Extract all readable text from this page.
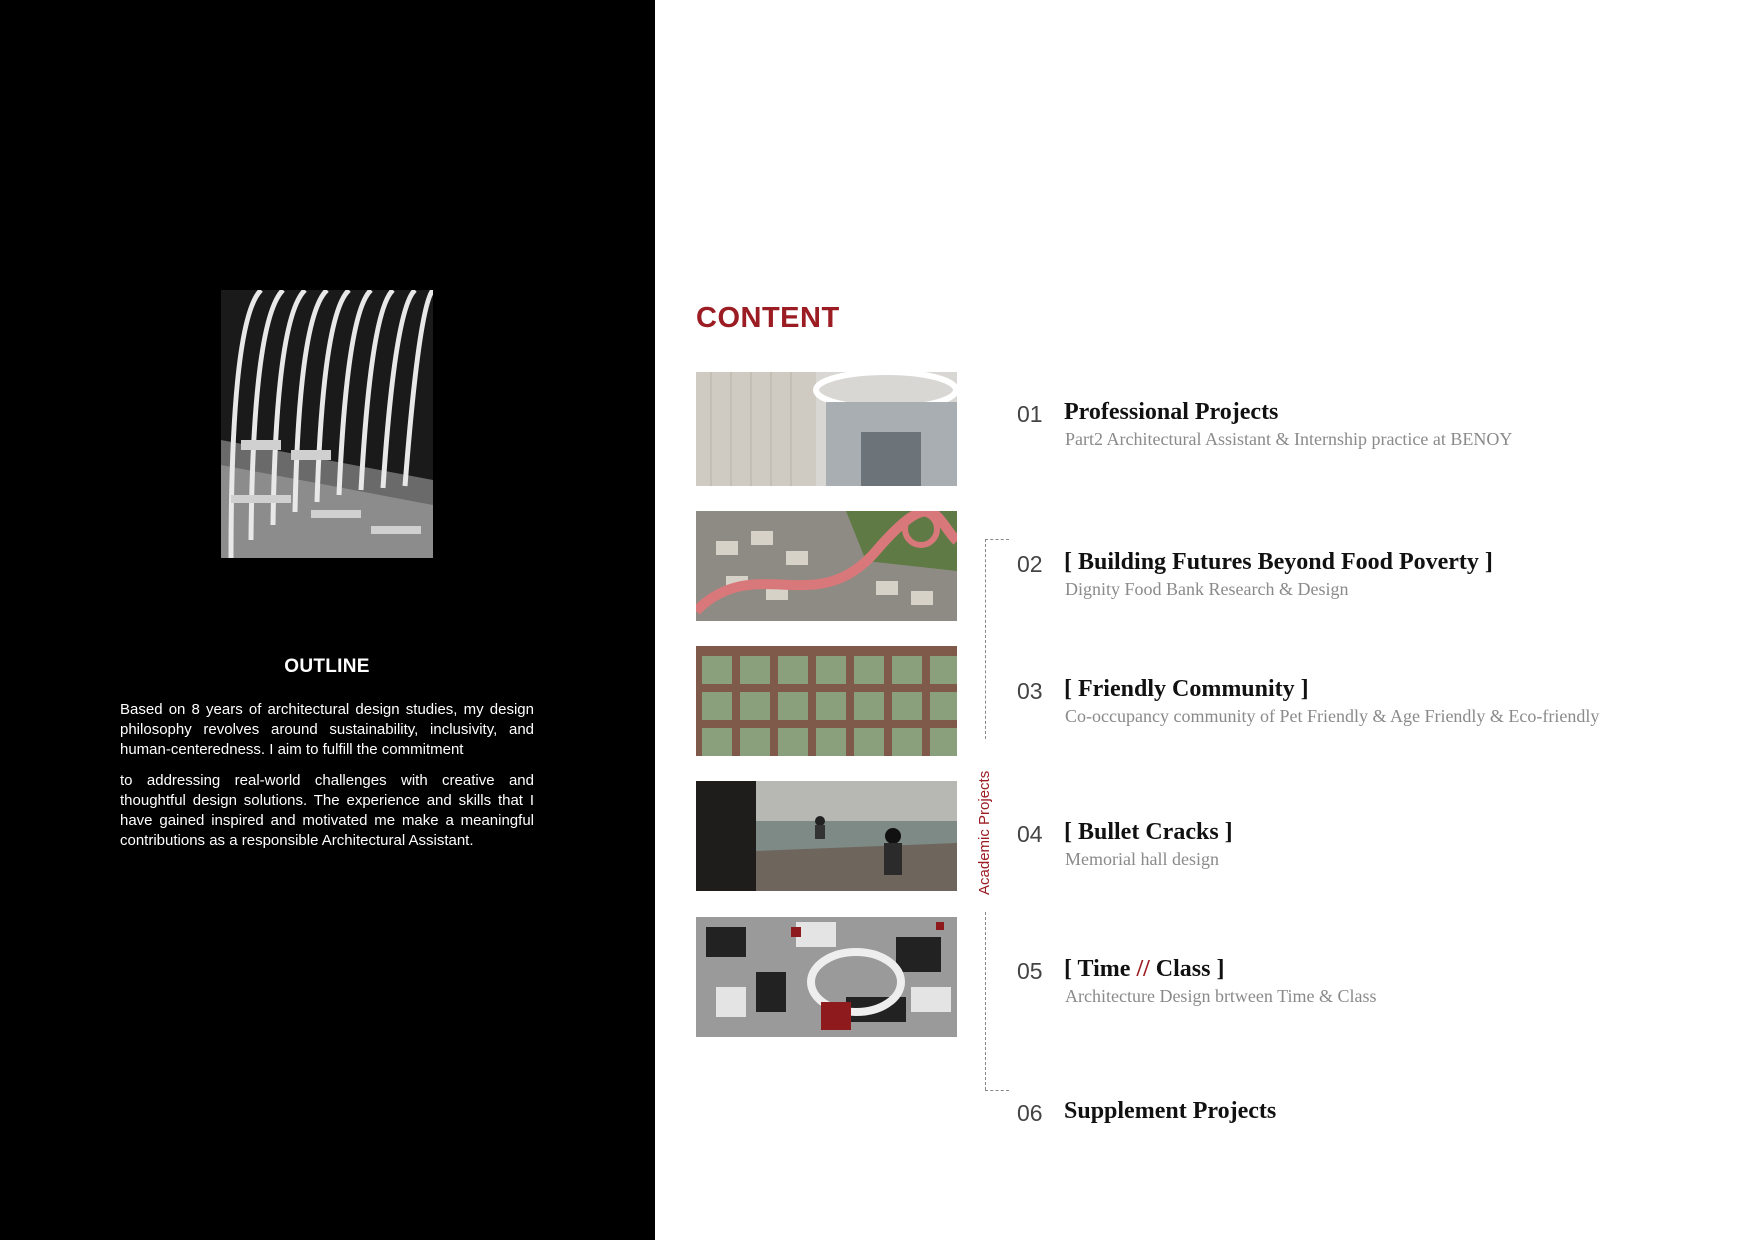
OUTLINE

Based on 8 years of architectural design studies, my design philosophy revolves around sustainability, inclusivity, and human-centeredness. I aim to fulfill the commitment

to addressing real-world challenges with creative and thoughtful design solutions. The experience and skills that I have gained inspired and motivated me make a meaningful contributions as a responsible Architectural Assistant.

CONTENT
Academic Projects
01 Professional Projects
Part2 Architectural Assistant & Internship practice at BENOY
02 [ Building Futures Beyond Food Poverty ]
Dignity Food Bank Research & Design
03 [ Friendly Community ]
Co-occupancy community of Pet Friendly & Age Friendly & Eco-friendly
04 [ Bullet Cracks ]
Memorial hall design
05 [ Time // Class ]
Architecture Design brtween Time & Class
06 Supplement Projects
